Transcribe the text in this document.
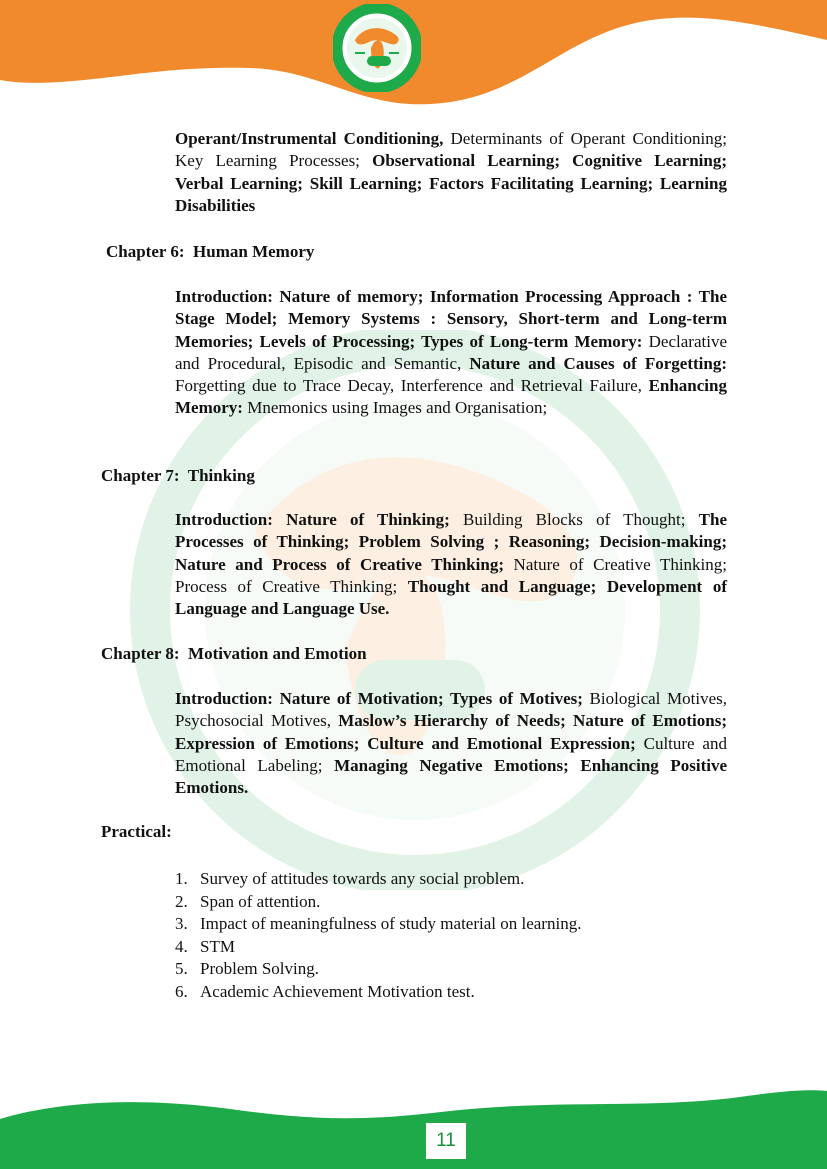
Operant/Instrumental Conditioning, Determinants of Operant Conditioning; Key Learning Processes; Observational Learning; Cognitive Learning; Verbal Learning; Skill Learning; Factors Facilitating Learning; Learning Disabilities

Chapter 6:  Human Memory

Introduction: Nature of memory; Information Processing Approach : The Stage Model; Memory Systems : Sensory, Short-term and Long-term Memories; Levels of Processing; Types of Long-term Memory: Declarative and Procedural, Episodic and Semantic, Nature and Causes of Forgetting: Forgetting due to Trace Decay, Interference and Retrieval Failure, Enhancing Memory: Mnemonics using Images and Organisation;

Chapter 7:  Thinking

Introduction: Nature of Thinking; Building Blocks of Thought; The Processes of Thinking; Problem Solving ; Reasoning; Decision-making; Nature and Process of Creative Thinking; Nature of Creative Thinking; Process of Creative Thinking; Thought and Language; Development of Language and Language Use.

Chapter 8:  Motivation and Emotion

Introduction: Nature of Motivation; Types of Motives; Biological Motives, Psychosocial Motives, Maslow’s Hierarchy of Needs; Nature of Emotions; Expression of Emotions; Culture and Emotional Expression; Culture and Emotional Labeling; Managing Negative Emotions; Enhancing Positive Emotions.

Practical:

1. Survey of attitudes towards any social problem.
2. Span of attention.
3. Impact of meaningfulness of study material on learning.
4. STM
5. Problem Solving.
6. Academic Achievement Motivation test.
11
